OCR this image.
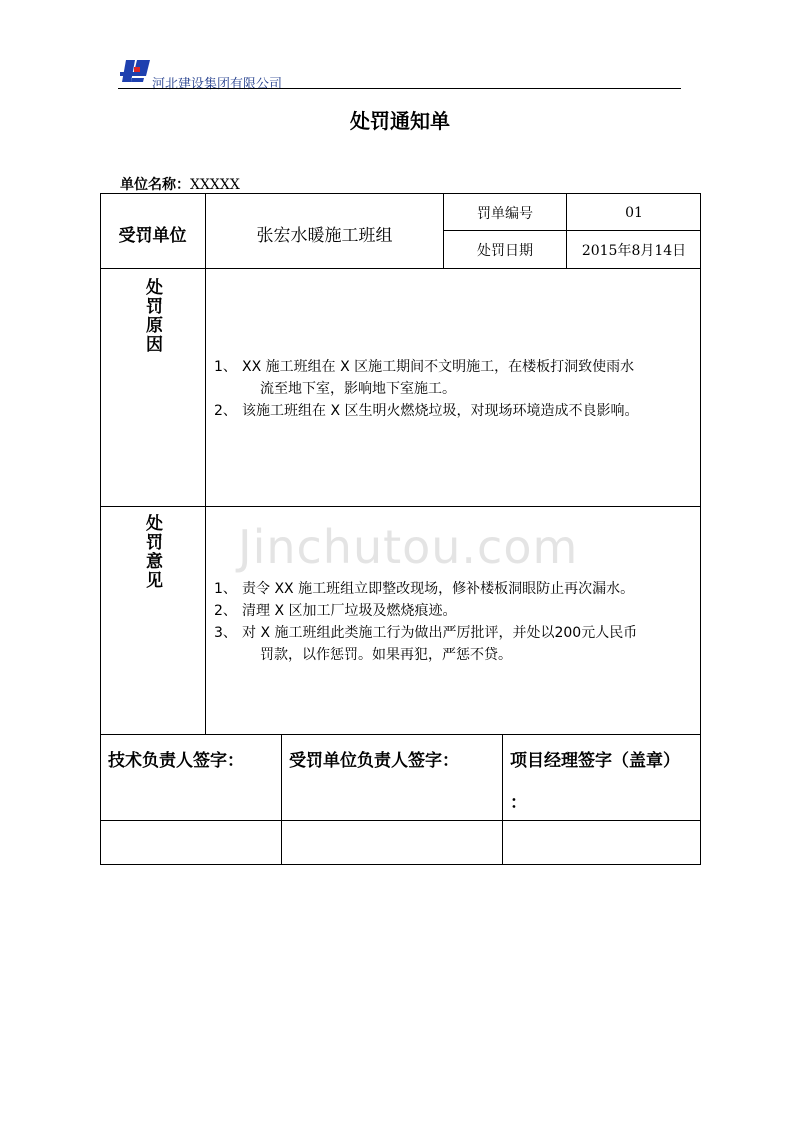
河北建设集团有限公司
处罚通知单
单位名称：XXXXX
Jinchutou.com
受罚单位	张宏水暖施工班组
罚单编号	01
处罚日期	2015年8月14日
处罚原因
1、 XX 施工班组在 X 区施工期间不文明施工，在楼板打洞致使雨水
流至地下室，影响地下室施工。
2、 该施工班组在 X 区生明火燃烧垃圾，对现场环境造成不良影响。
处罚意见	1、 责令 XX 施工班组立即整改现场，修补楼板洞眼防止再次漏水。
2、 清理 X 区加工厂垃圾及燃烧痕迹。
3、 对 X 施工班组此类施工行为做出严厉批评，并处以200元人民币
罚款，以作惩罚。如果再犯，严惩不贷。
技术负责人签字：	受罚单位负责人签字：	项目经理签字（盖章）
：
